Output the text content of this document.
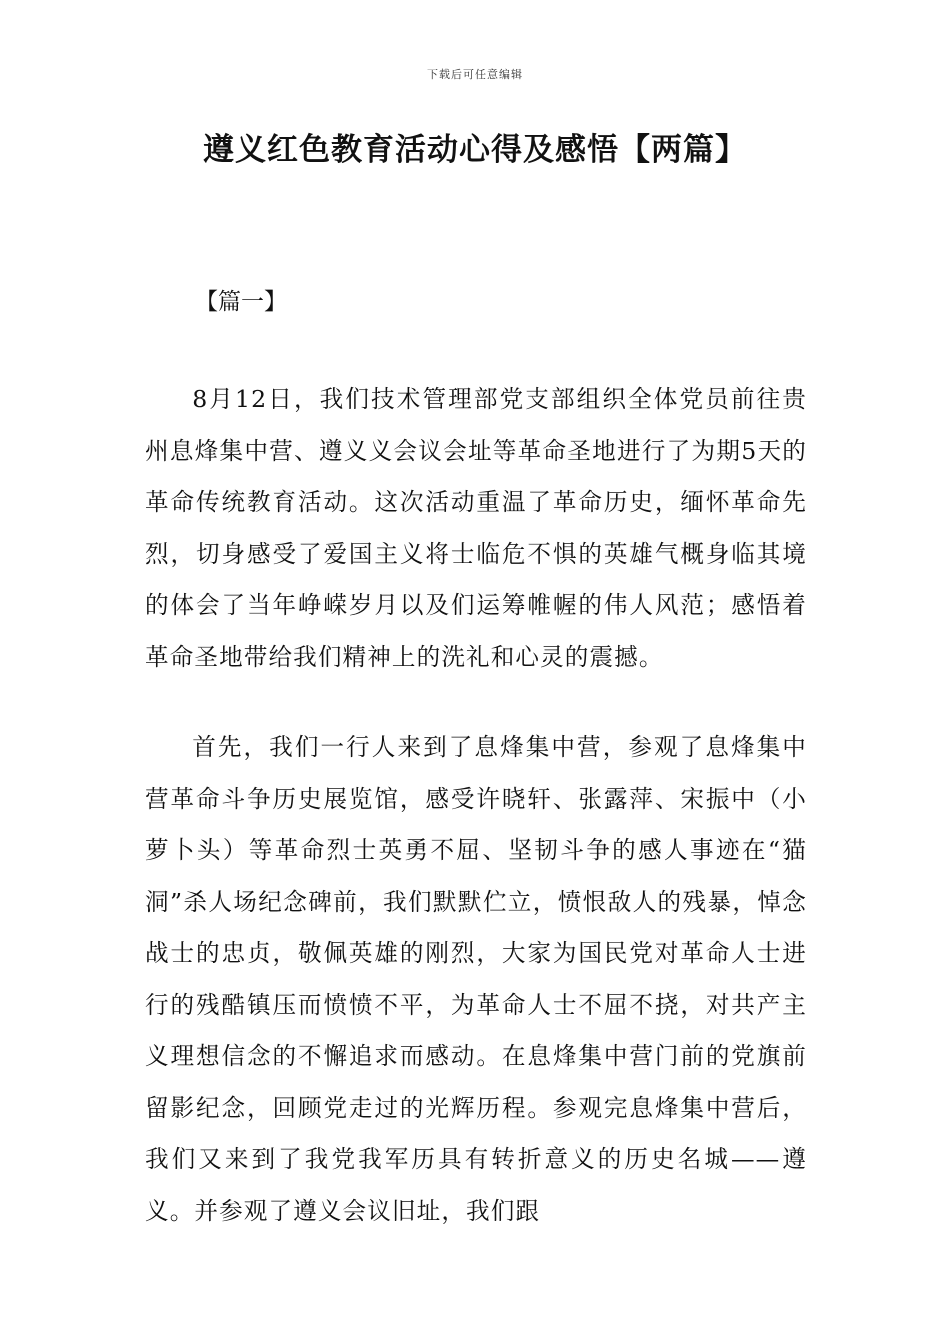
下载后可任意编辑
遵义红色教育活动心得及感悟【两篇】
【篇一】

8月12日，我们技术管理部党支部组织全体党员前往贵州息烽集中营、遵义义会议会址等革命圣地进行了为期5天的革命传统教育活动。这次活动重温了革命历史，缅怀革命先烈，切身感受了爱国主义将士临危不惧的英雄气概身临其境的体会了当年峥嵘岁月以及们运筹帷幄的伟人风范；感悟着革命圣地带给我们精神上的洗礼和心灵的震撼。

首先，我们一行人来到了息烽集中营，参观了息烽集中营革命斗争历史展览馆，感受许晓轩、张露萍、宋振中（小萝卜头）等革命烈士英勇不屈、坚韧斗争的感人事迹在“猫洞”杀人场纪念碑前，我们默默伫立，愤恨敌人的残暴，悼念战士的忠贞，敬佩英雄的刚烈，大家为国民党对革命人士进行的残酷镇压而愤愤不平，为革命人士不屈不挠，对共产主义理想信念的不懈追求而感动。在息烽集中营门前的党旗前留影纪念，回顾党走过的光辉历程。参观完息烽集中营后，我们又来到了我党我军历具有转折意义的历史名城——遵义。并参观了遵义会议旧址，我们跟
